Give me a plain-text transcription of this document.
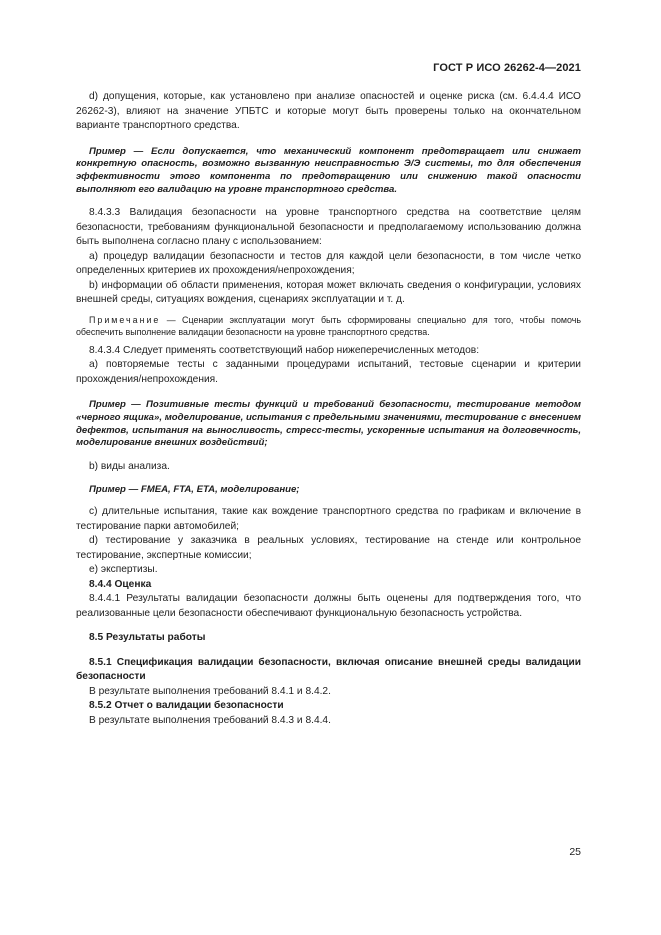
ГОСТ Р ИСО 26262-4—2021

d) допущения, которые, как установлено при анализе опасностей и оценке риска (см. 6.4.4.4 ИСО 26262-3), влияют на значение УПБТС и которые могут быть проверены только на окончательном варианте транспортного средства.

Пример — Если допускается, что механический компонент предотвращает или снижает конкретную опасность, возможно вызванную неисправностью Э/Э системы, то для обеспечения эффективности этого компонента по предотвращению или снижению такой опасности выполняют его валидацию на уровне транспортного средства.

8.4.3.3 Валидация безопасности на уровне транспортного средства на соответствие целям безопасности, требованиям функциональной безопасности и предполагаемому использованию должна быть выполнена согласно плану с использованием:

a) процедур валидации безопасности и тестов для каждой цели безопасности, в том числе четко определенных критериев их прохождения/непрохождения;

b) информации об области применения, которая может включать сведения о конфигурации, условиях внешней среды, ситуациях вождения, сценариях эксплуатации и т. д.

Примечание — Сценарии эксплуатации могут быть сформированы специально для того, чтобы помочь обеспечить выполнение валидации безопасности на уровне транспортного средства.

8.4.3.4 Следует применять соответствующий набор нижеперечисленных методов:

a) повторяемые тесты с заданными процедурами испытаний, тестовые сценарии и критерии прохождения/непрохождения.

Пример — Позитивные тесты функций и требований безопасности, тестирование методом «черного ящика», моделирование, испытания с предельными значениями, тестирование с внесением дефектов, испытания на выносливость, стресс-тесты, ускоренные испытания на долговечность, моделирование внешних воздействий;

b) виды анализа.

Пример — FMEA, FTA, ETA, моделирование;

c) длительные испытания, такие как вождение транспортного средства по графикам и включение в тестирование парки автомобилей;

d) тестирование у заказчика в реальных условиях, тестирование на стенде или контрольное тестирование, экспертные комиссии;

e) экспертизы.

8.4.4 Оценка

8.4.4.1 Результаты валидации безопасности должны быть оценены для подтверждения того, что реализованные цели безопасности обеспечивают функциональную безопасность устройства.

8.5 Результаты работы

8.5.1 Спецификация валидации безопасности, включая описание внешней среды валидации безопасности

В результате выполнения требований 8.4.1 и 8.4.2.

8.5.2 Отчет о валидации безопасности

В результате выполнения требований 8.4.3 и 8.4.4.

25
